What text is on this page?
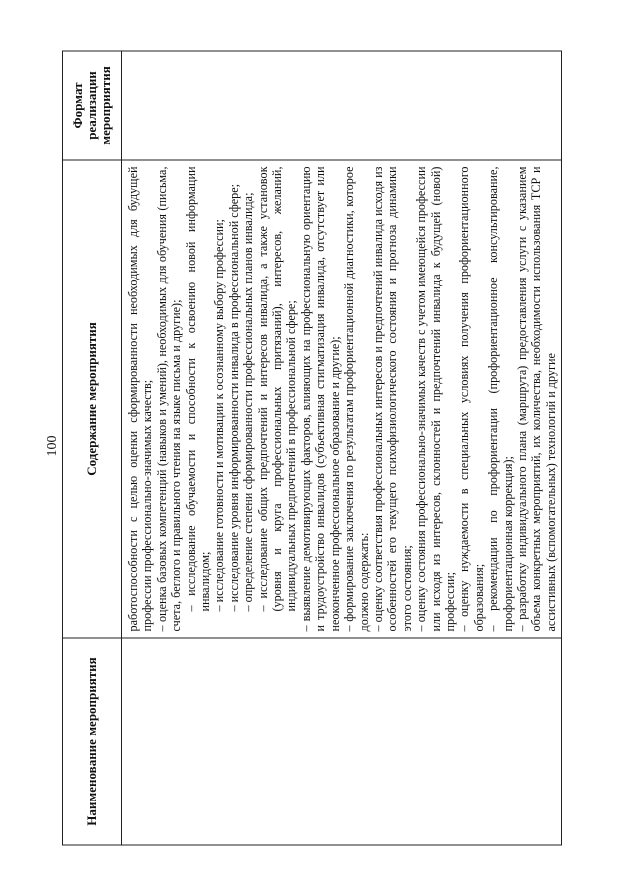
100
Наименование мероприятия
Содержание мероприятия
Формат реализации мероприятия

работоспособности с целью оценки сформированности необходимых для будущей профессии профессионально-значимых качеств; – оценка базовых компетенций (навыков и умений), необходимых для обучения (письма, счета, беглого и правильного чтения на языке письма и другие); – исследование обучаемости и способности к освоению новой информации инвалидом; – исследование готовности и мотивации к осознанному выбору профессии; – исследование уровня информированности инвалида в профессиональной сфере; – определение степени сформированности профессиональных планов инвалида; – исследование общих предпочтений и интересов инвалида, а также установок (уровня и круга профессиональных притязаний), интересов, желаний, индивидуальных предпочтений в профессиональной сфере; – выявление демотивирующих факторов, влияющих на профессиональную ориентацию и трудоустройство инвалидов (субъективная стигматизация инвалида, отсутствует или неоконченное профессиональное образование и другие); – формирование заключения по результатам профориентационной диагностики, которое должно содержать: – оценку соответствия профессиональных интересов и предпочтений инвалида исходя из особенностей его текущего психофизиологического состояния и прогноза динамики этого состояния; – оценку состояния профессионально-значимых качеств с учетом имеющейся профессии или исходя из интересов, склонностей и предпочтений инвалида к будущей (новой) профессии; – оценку нуждаемости в специальных условиях получения профориентационного образования; – рекомендации по профориентации (профориентационное консультирование, профориентационная коррекция); – разработку индивидуального плана (маршрута) предоставления услуги с указанием объема конкретных мероприятий, их количества, необходимости использования ТСР и ассистивных (вспомогательных) технологий и другие
